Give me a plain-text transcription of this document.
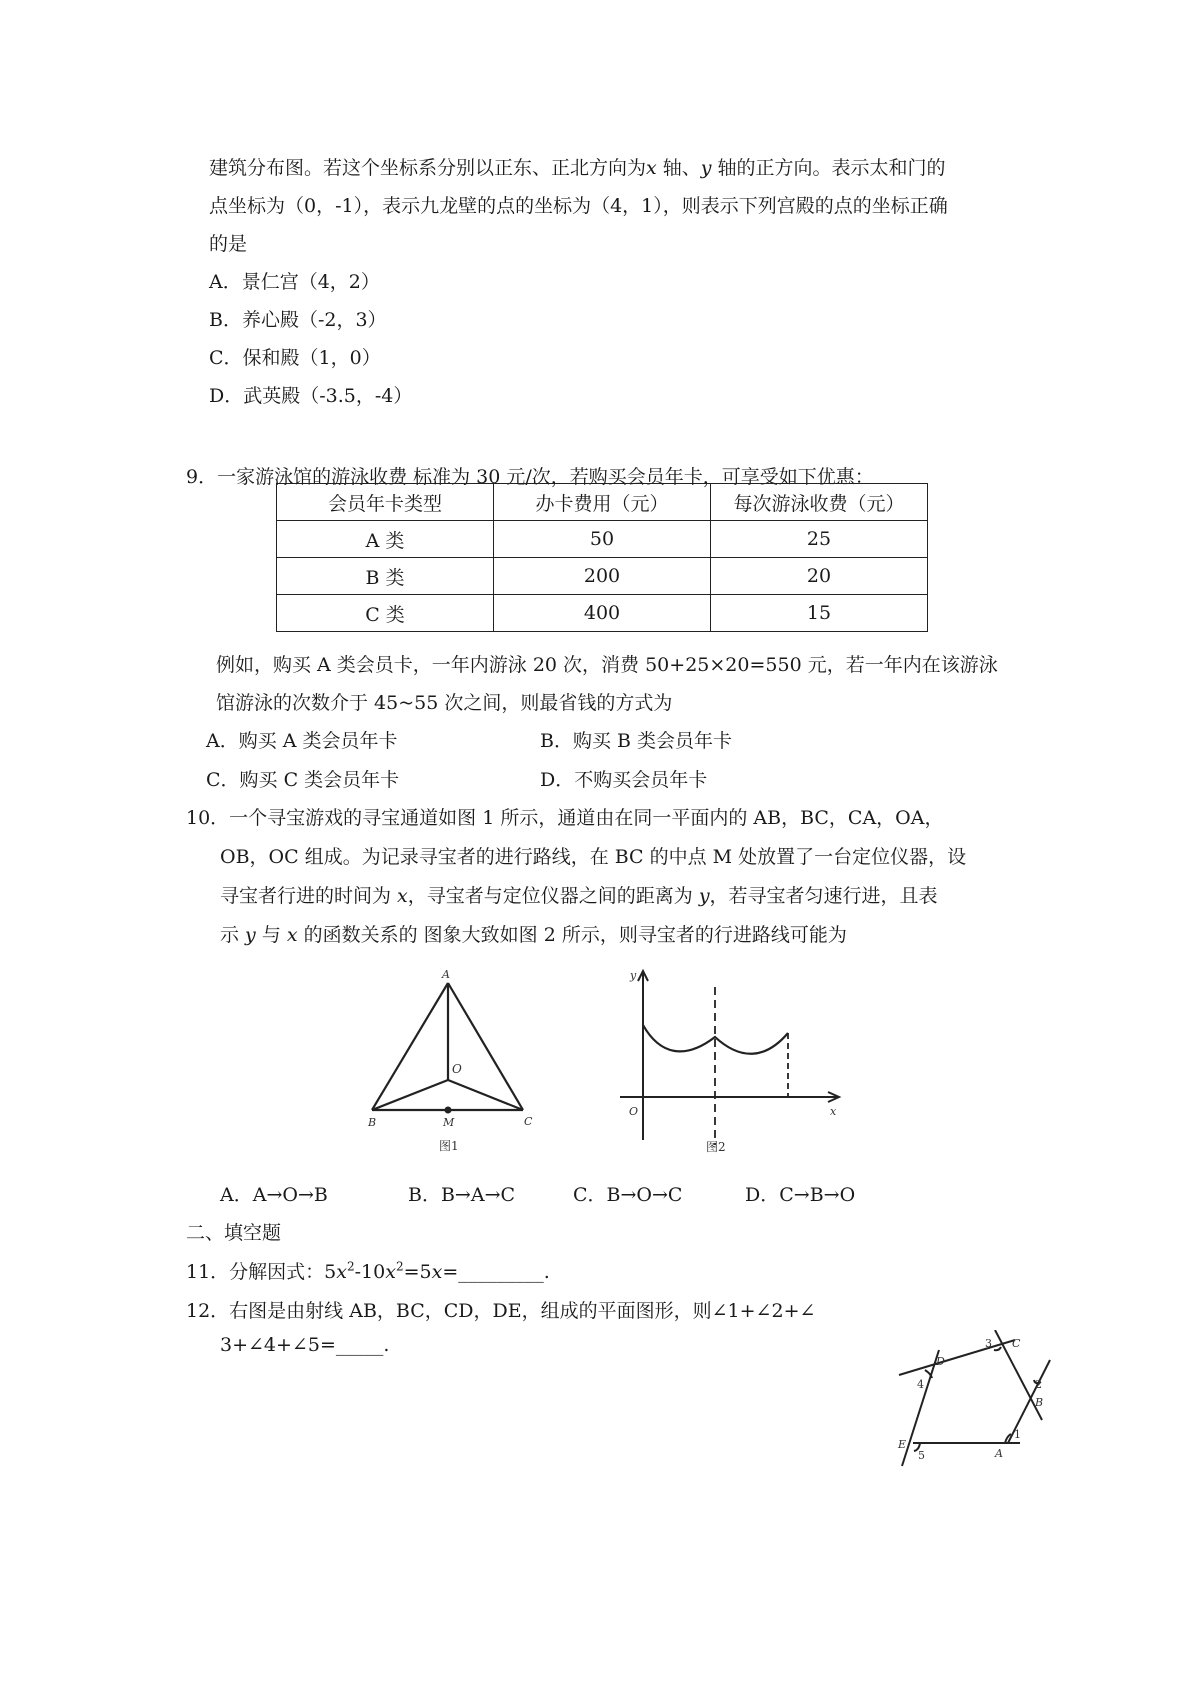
建筑分布图。若这个坐标系分别以正东、正北方向为x 轴、y 轴的正方向。表示太和门的
点坐标为（0，-1），表示九龙壁的点的坐标为（4，1），则表示下列宫殿的点的坐标正确
的是
A．景仁宫（4，2）
B．养心殿（-2，3）
C．保和殿（1，0）
D．武英殿（-3.5，-4）
9．一家游泳馆的游泳收费 标准为 30 元/次，若购买会员年卡，可享受如下优惠：
会员年卡类型	办卡费用（元）	每次游泳收费（元）
A 类	50	25
B 类	200	20
C 类	400	15
例如，购买 A 类会员卡，一年内游泳 20 次，消费 50+25×20=550 元，若一年内在该游泳
馆游泳的次数介于 45~55 次之间，则最省钱的方式为
A．购买 A 类会员年卡	B．购买 B 类会员年卡
C．购买 C 类会员年卡	D．不购买会员年卡
10．一个寻宝游戏的寻宝通道如图 1 所示，通道由在同一平面内的 AB，BC，CA，OA，
OB，OC 组成。为记录寻宝者的进行路线，在 BC 的中点 M 处放置了一台定位仪器，设
寻宝者行进的时间为 x，寻宝者与定位仪器之间的距离为 y，若寻宝者匀速行进，且表
示 y 与 x 的函数关系的 图象大致如图 2 所示，则寻宝者的行进路线可能为
A
O
B	M	C
图1
y
x
O
图2
A．A→O→B	B．B→A→C	C．B→O→C	D．C→B→O
二、填空题
11．分解因式：$5x^2-10x^2=5x=\_\_\_\_\_\_\_\_\_$.
12．右图是由射线 AB，BC，CD，DE，组成的平面图形，则∠1+∠2+∠
3+∠4+∠5=_____.	3 C
2
B
D
4
1
A
E
5
